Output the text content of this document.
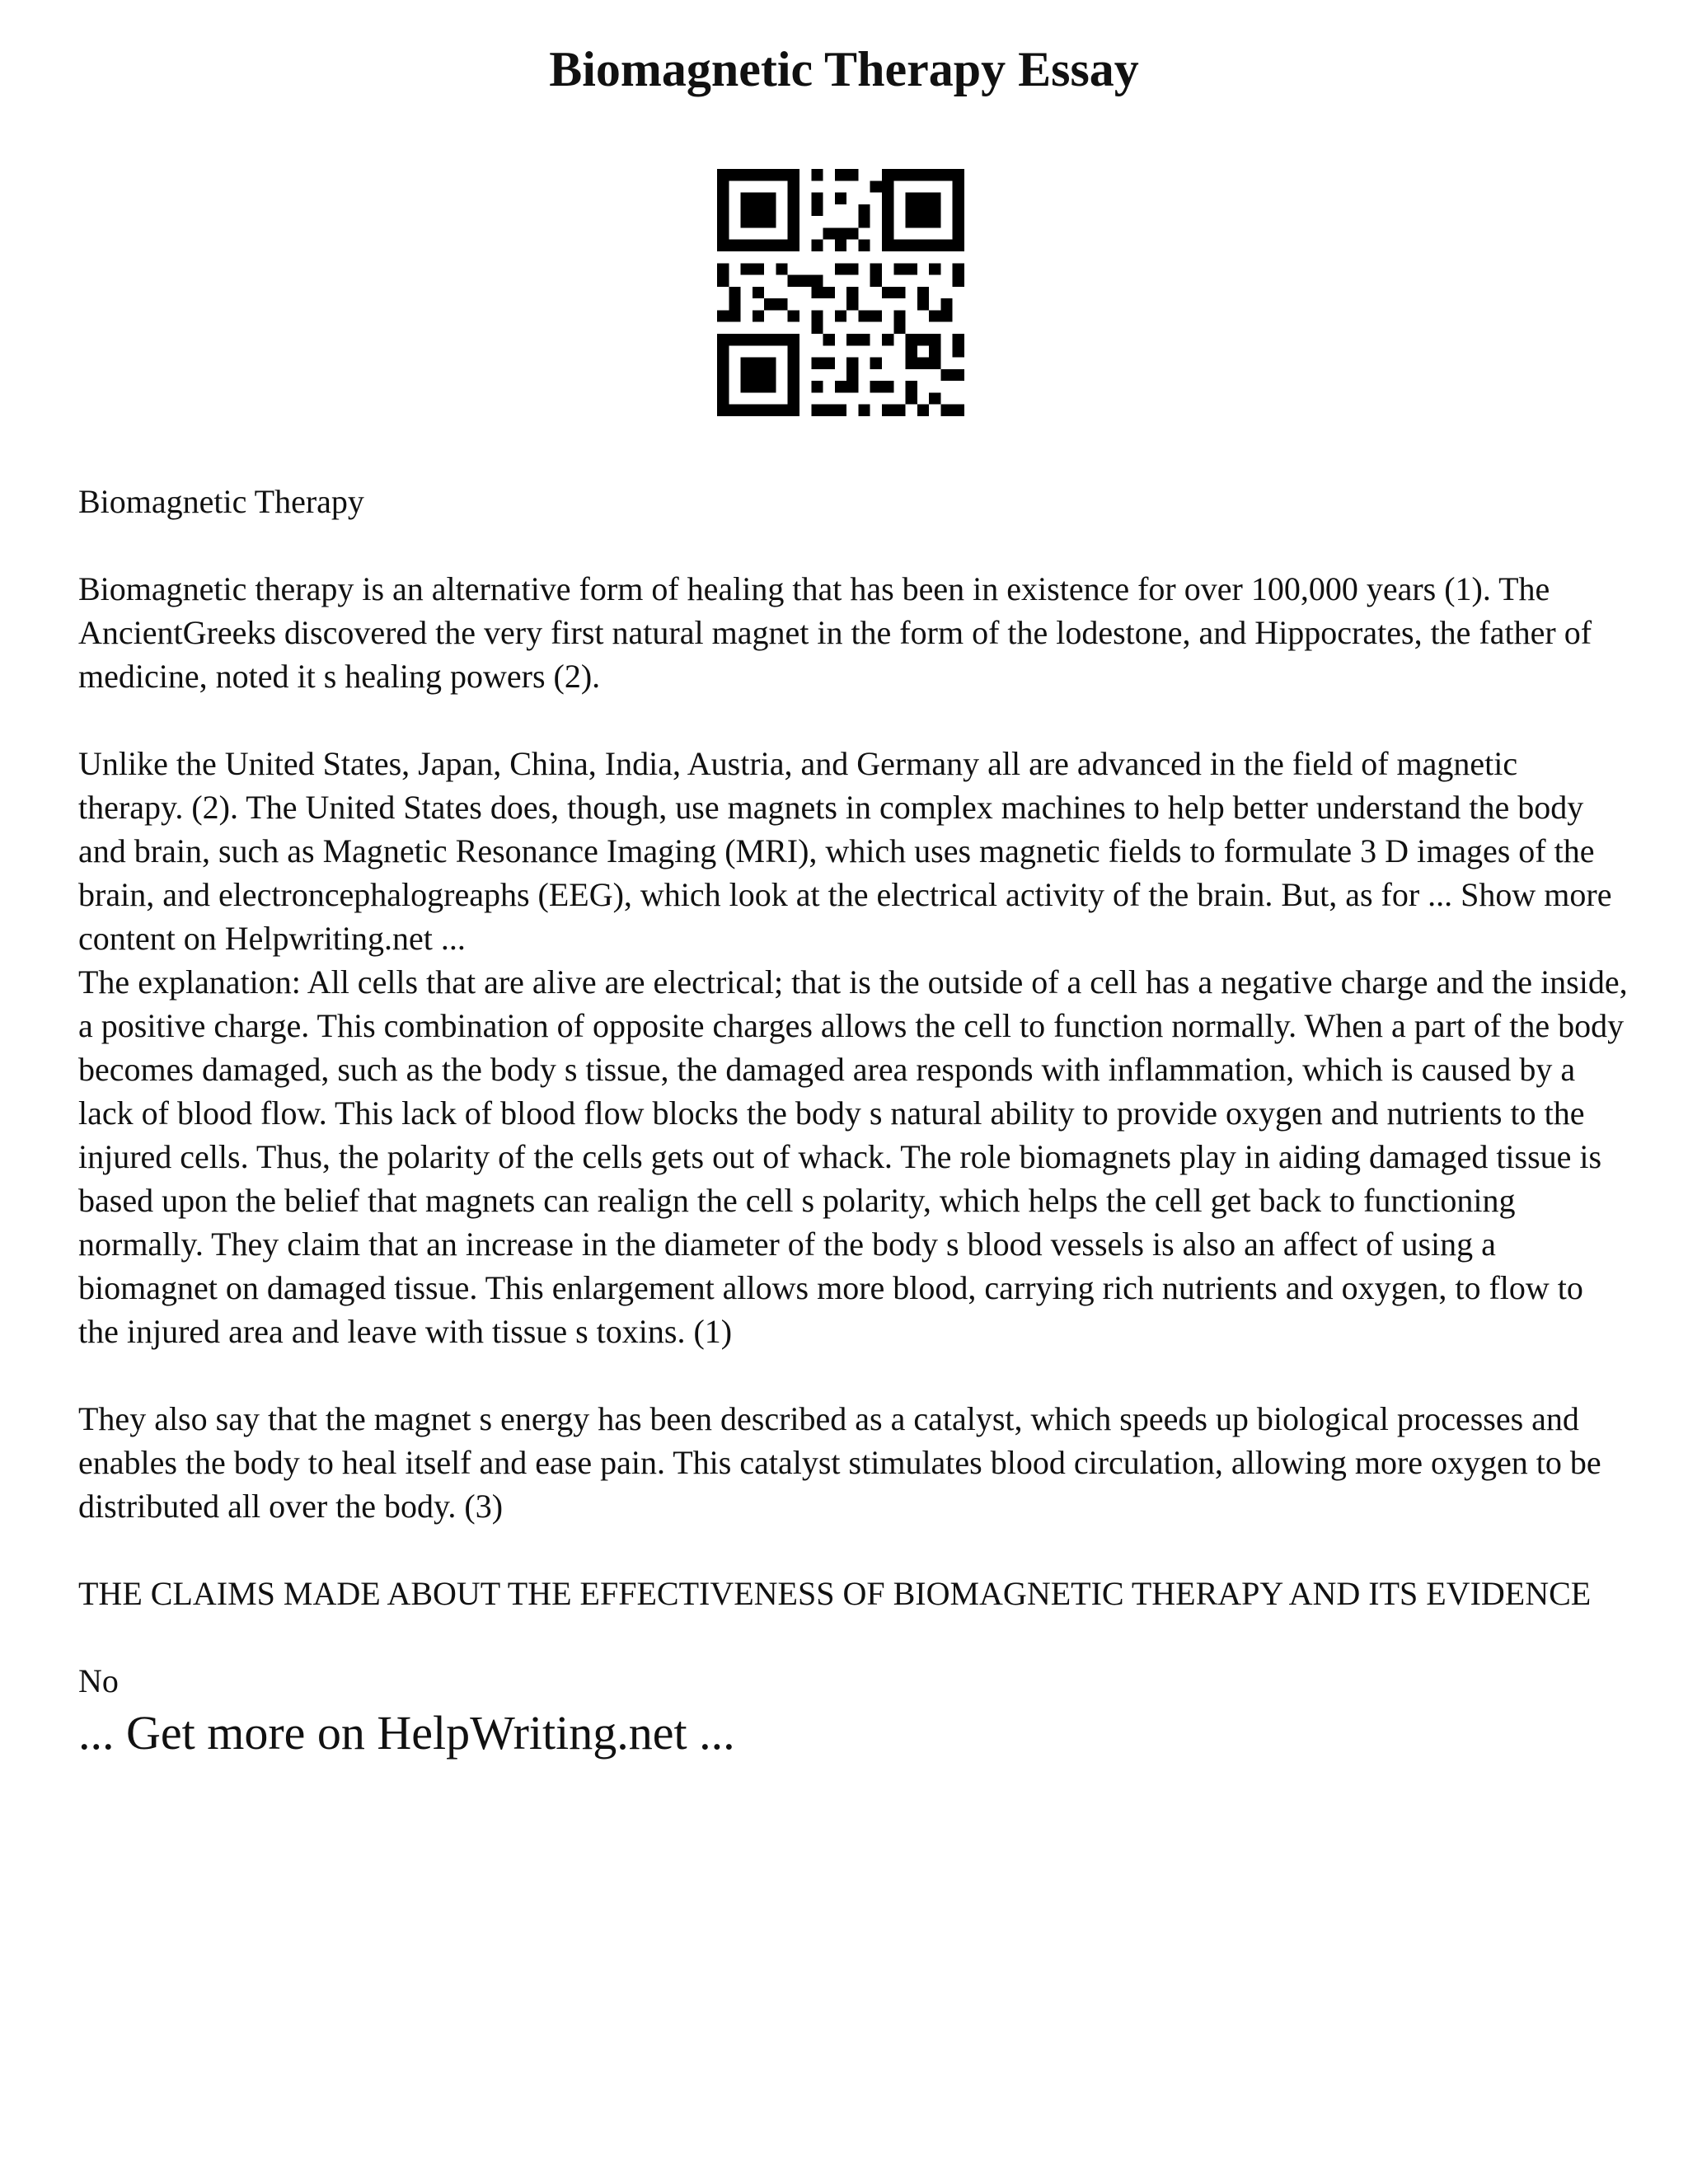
Biomagnetic Therapy Essay

Biomagnetic Therapy

Biomagnetic therapy is an alternative form of healing that has been in existence for over 100,000 years (1). The AncientGreeks discovered the very first natural magnet in the form of the lodestone, and Hippocrates, the father of medicine, noted it s healing powers (2).

Unlike the United States, Japan, China, India, Austria, and Germany all are advanced in the field of magnetic therapy. (2). The United States does, though, use magnets in complex machines to help better understand the body and brain, such as Magnetic Resonance Imaging (MRI), which uses magnetic fields to formulate 3 D images of the brain, and electroncephalogreaphs (EEG), which look at the electrical activity of the brain. But, as for ... Show more content on Helpwriting.net ...

The explanation: All cells that are alive are electrical; that is the outside of a cell has a negative charge and the inside, a positive charge. This combination of opposite charges allows the cell to function normally. When a part of the body becomes damaged, such as the body s tissue, the damaged area responds with inflammation, which is caused by a lack of blood flow. This lack of blood flow blocks the body s natural ability to provide oxygen and nutrients to the injured cells. Thus, the polarity of the cells gets out of whack. The role biomagnets play in aiding damaged tissue is based upon the belief that magnets can realign the cell s polarity, which helps the cell get back to functioning normally. They claim that an increase in the diameter of the body s blood vessels is also an affect of using a biomagnet on damaged tissue. This enlargement allows more blood, carrying rich nutrients and oxygen, to flow to the injured area and leave with tissue s toxins. (1)

They also say that the magnet s energy has been described as a catalyst, which speeds up biological processes and enables the body to heal itself and ease pain. This catalyst stimulates blood circulation, allowing more oxygen to be distributed all over the body. (3)

THE CLAIMS MADE ABOUT THE EFFECTIVENESS OF BIOMAGNETIC THERAPY AND ITS EVIDENCE

No

... Get more on HelpWriting.net ...
